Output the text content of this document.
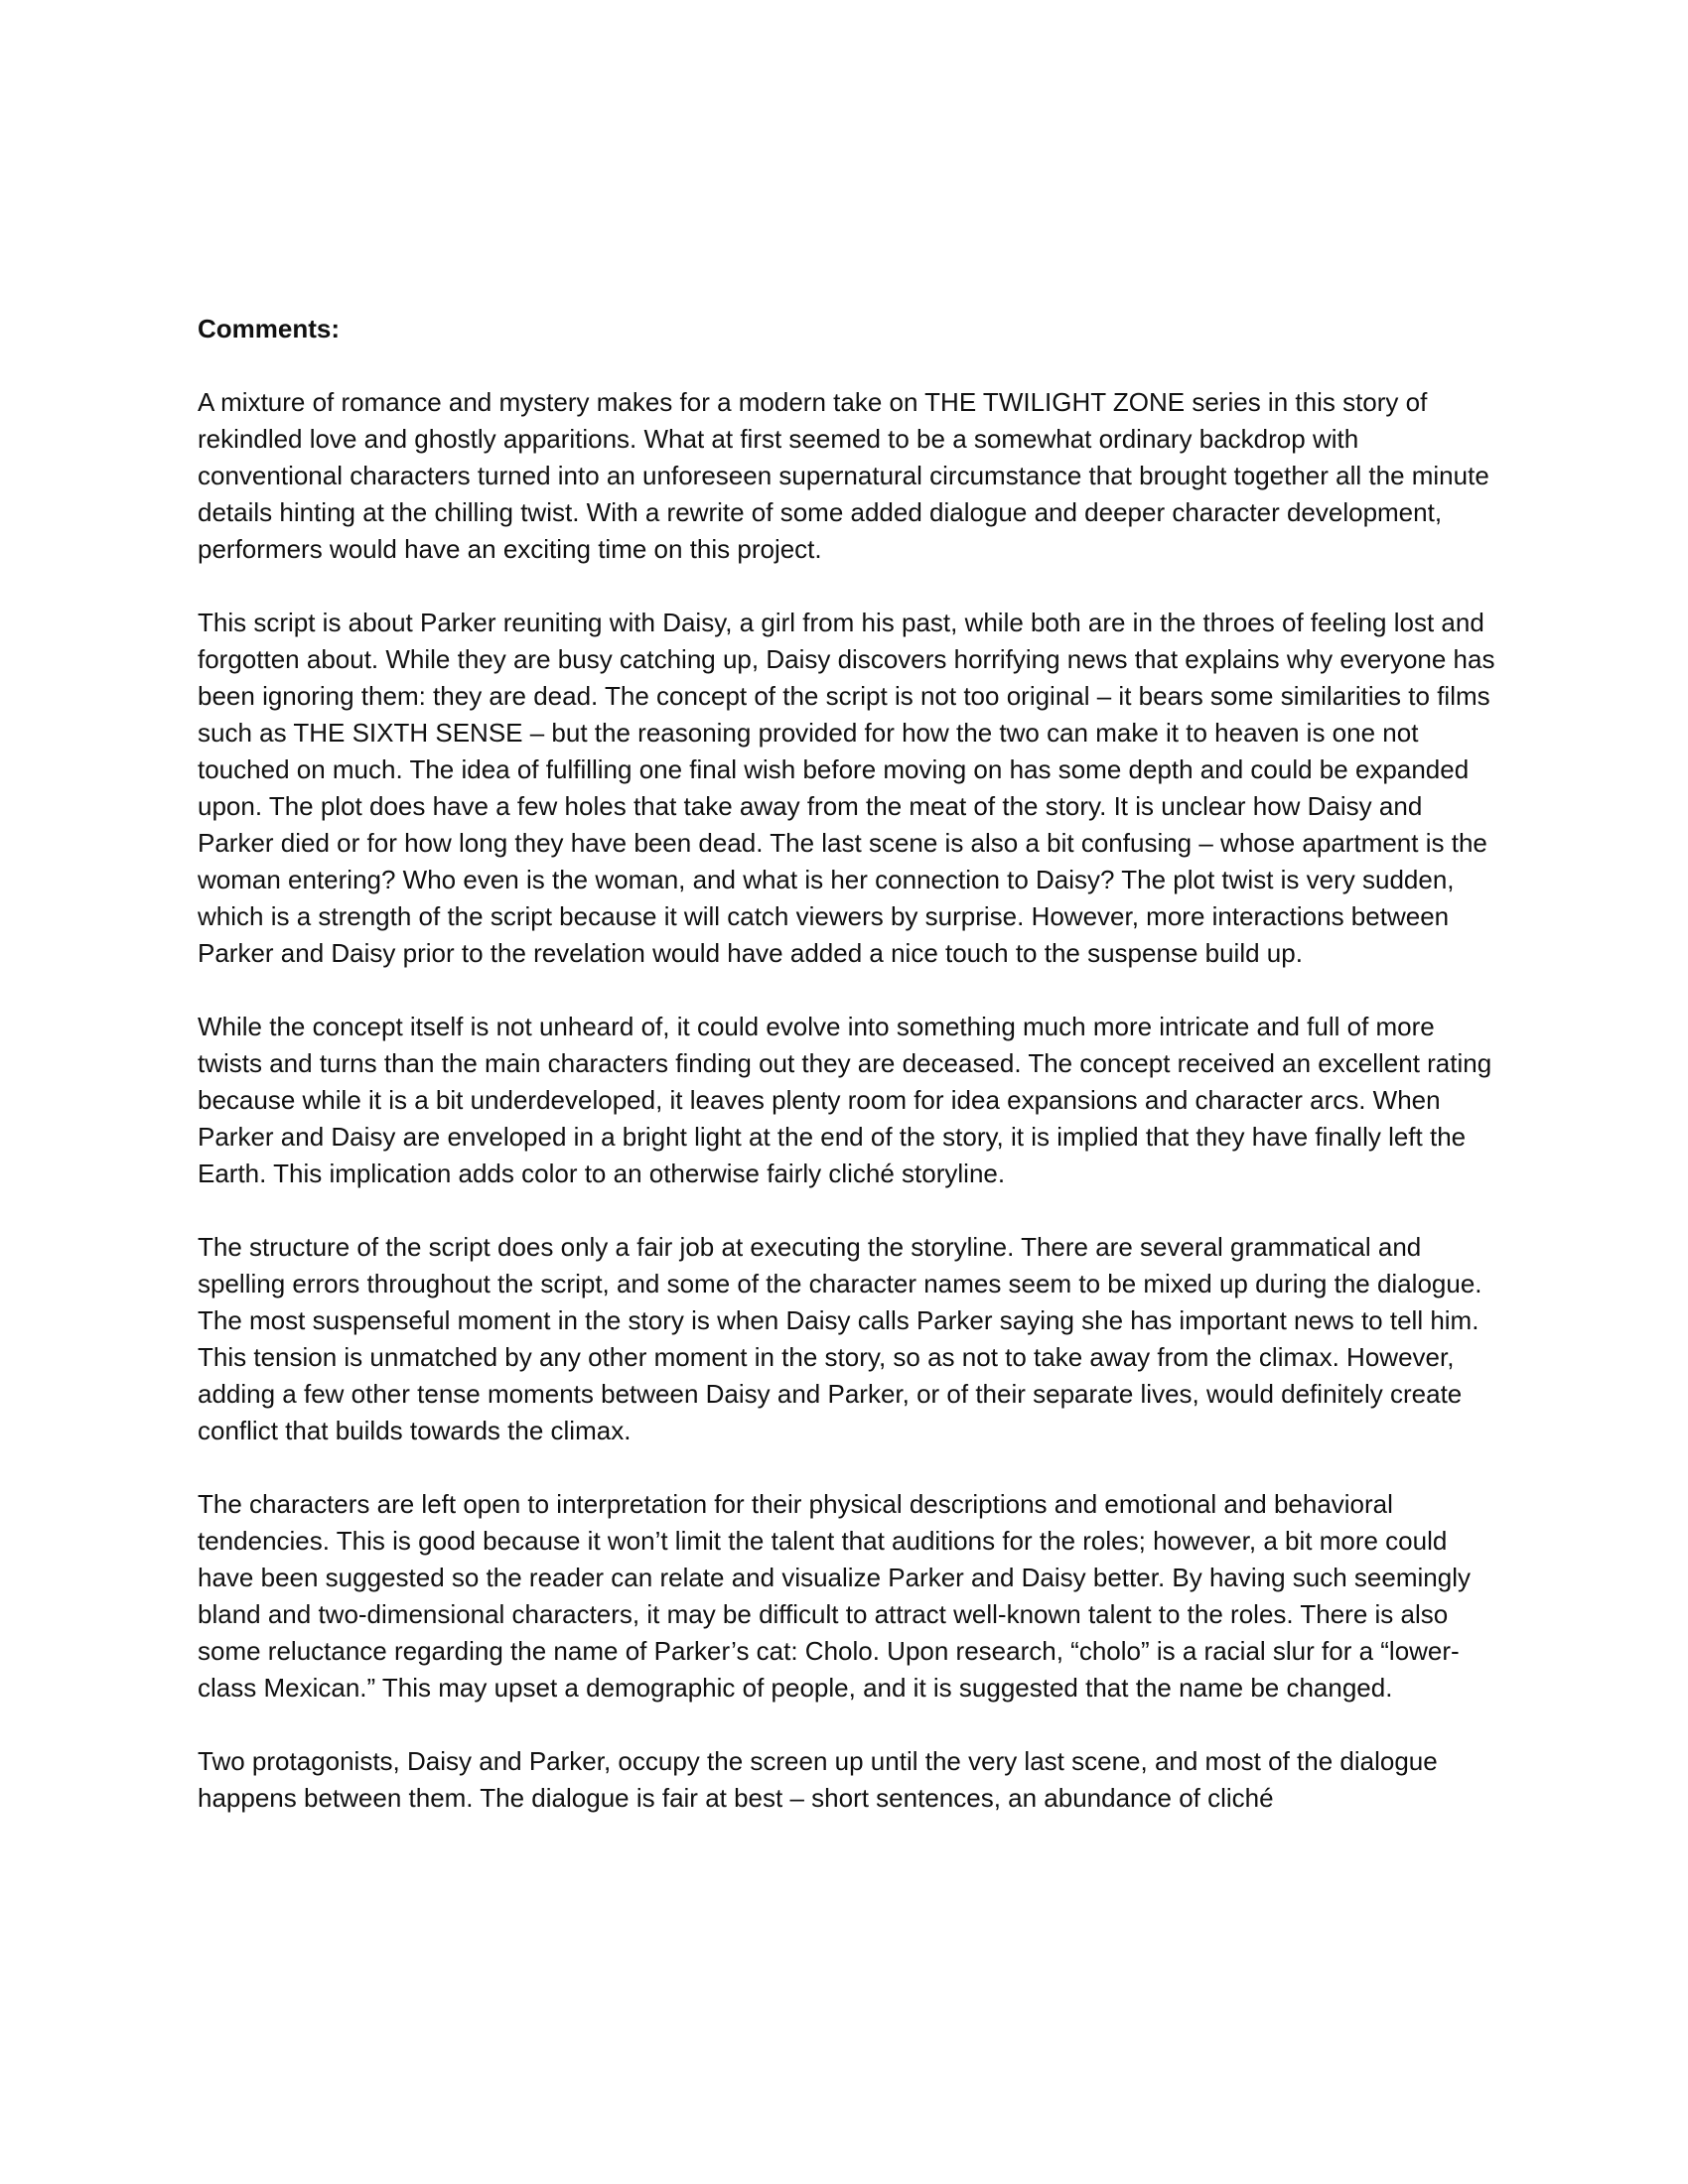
Comments:

A mixture of romance and mystery makes for a modern take on THE TWILIGHT ZONE series in this story of rekindled love and ghostly apparitions. What at first seemed to be a somewhat ordinary backdrop with conventional characters turned into an unforeseen supernatural circumstance that brought together all the minute details hinting at the chilling twist. With a rewrite of some added dialogue and deeper character development, performers would have an exciting time on this project.

This script is about Parker reuniting with Daisy, a girl from his past, while both are in the throes of feeling lost and forgotten about. While they are busy catching up, Daisy discovers horrifying news that explains why everyone has been ignoring them: they are dead. The concept of the script is not too original – it bears some similarities to films such as THE SIXTH SENSE – but the reasoning provided for how the two can make it to heaven is one not touched on much. The idea of fulfilling one final wish before moving on has some depth and could be expanded upon. The plot does have a few holes that take away from the meat of the story. It is unclear how Daisy and Parker died or for how long they have been dead. The last scene is also a bit confusing – whose apartment is the woman entering? Who even is the woman, and what is her connection to Daisy? The plot twist is very sudden, which is a strength of the script because it will catch viewers by surprise. However, more interactions between Parker and Daisy prior to the revelation would have added a nice touch to the suspense build up.

While the concept itself is not unheard of, it could evolve into something much more intricate and full of more twists and turns than the main characters finding out they are deceased. The concept received an excellent rating because while it is a bit underdeveloped, it leaves plenty room for idea expansions and character arcs. When Parker and Daisy are enveloped in a bright light at the end of the story, it is implied that they have finally left the Earth. This implication adds color to an otherwise fairly cliché storyline.

The structure of the script does only a fair job at executing the storyline. There are several grammatical and spelling errors throughout the script, and some of the character names seem to be mixed up during the dialogue. The most suspenseful moment in the story is when Daisy calls Parker saying she has important news to tell him. This tension is unmatched by any other moment in the story, so as not to take away from the climax. However, adding a few other tense moments between Daisy and Parker, or of their separate lives, would definitely create conflict that builds towards the climax.

The characters are left open to interpretation for their physical descriptions and emotional and behavioral tendencies. This is good because it won’t limit the talent that auditions for the roles; however, a bit more could have been suggested so the reader can relate and visualize Parker and Daisy better. By having such seemingly bland and two-dimensional characters, it may be difficult to attract well-known talent to the roles. There is also some reluctance regarding the name of Parker’s cat: Cholo. Upon research, “cholo” is a racial slur for a “lower-class Mexican.” This may upset a demographic of people, and it is suggested that the name be changed.

Two protagonists, Daisy and Parker, occupy the screen up until the very last scene, and most of the dialogue happens between them. The dialogue is fair at best – short sentences, an abundance of cliché
